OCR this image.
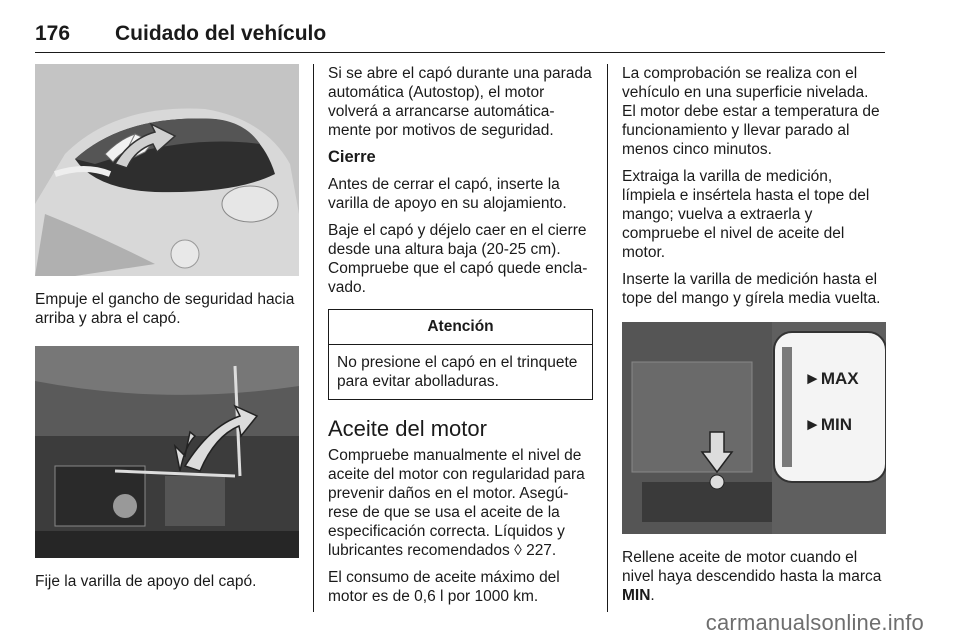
176 Cuidado del vehículo

Empuje el gancho de seguridad hacia arriba y abra el capó.

Fije la varilla de apoyo del capó.

Si se abre el capó durante una parada automática (Autostop), el motor volverá a arrancarse automática-mente por motivos de seguridad.

Cierre

Antes de cerrar el capó, inserte la varilla de apoyo en su alojamiento.

Baje el capó y déjelo caer en el cierre desde una altura baja (20-25 cm). Compruebe que el capó quede encla-vado.

Atención
No presione el capó en el trinquete para evitar abolladuras.
Aceite del motor

Compruebe manualmente el nivel de aceite del motor con regularidad para prevenir daños en el motor. Asegú-rese de que se usa el aceite de la especificación correcta. Líquidos y lubricantes recomendados ◊ 227.

El consumo de aceite máximo del motor es de 0,6 l por 1000 km.

La comprobación se realiza con el vehículo en una superficie nivelada. El motor debe estar a temperatura de funcionamiento y llevar parado al menos cinco minutos.

Extraiga la varilla de medición, límpiela e insértela hasta el tope del mango; vuelva a extraerla y compruebe el nivel de aceite del motor.

Inserte la varilla de medición hasta el tope del mango y gírela media vuelta.

►MAX
►MIN

Rellene aceite de motor cuando el nivel haya descendido hasta la marca MIN.

carmanualsonline.info
